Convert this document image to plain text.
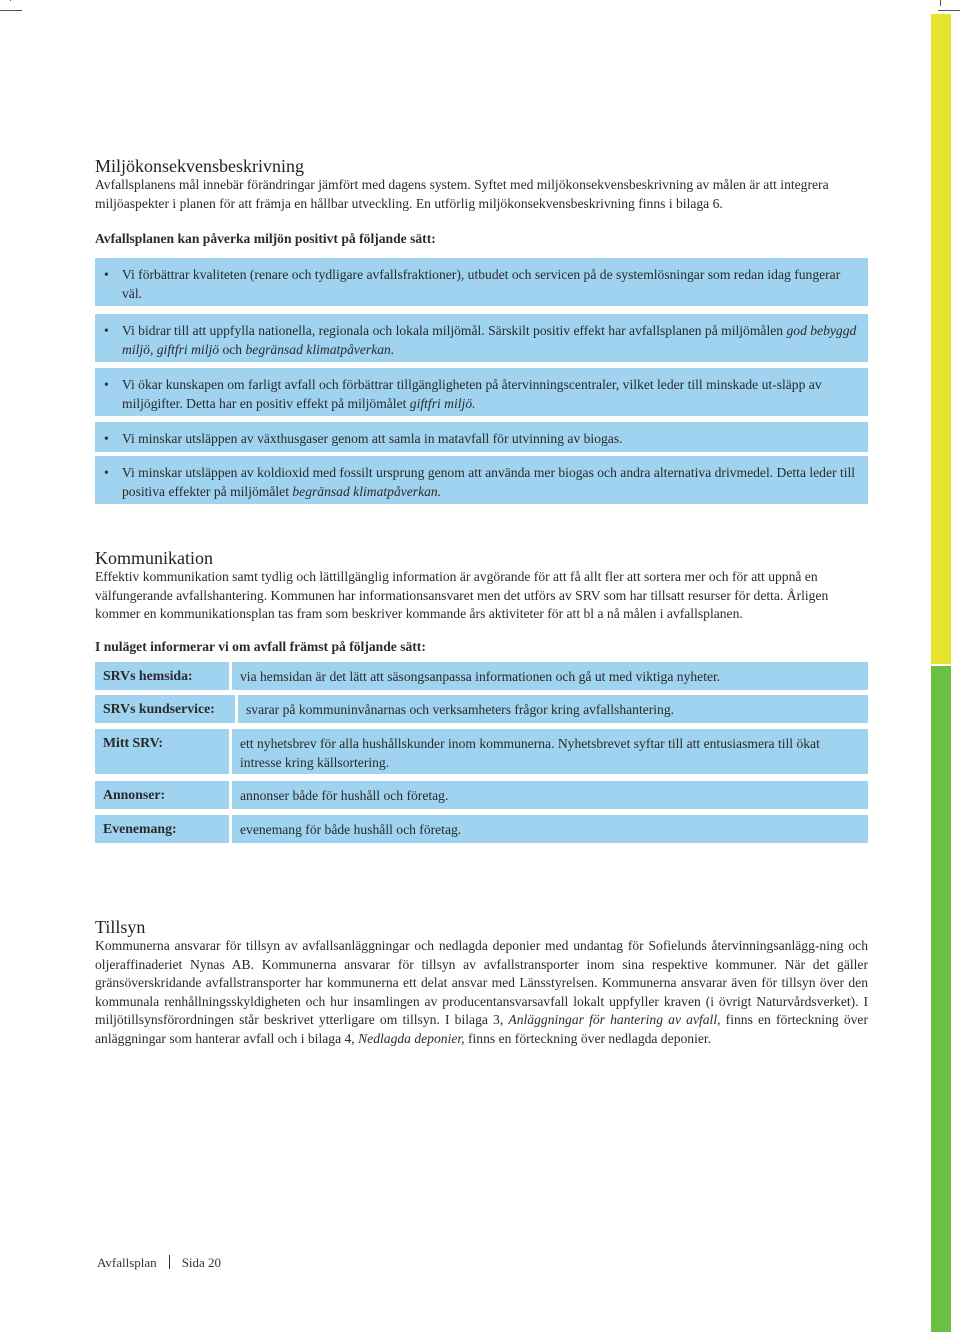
Miljökonsekvensbeskrivning

Avfallsplanens mål innebär förändringar jämfört med dagens system. Syftet med miljökonsekvensbeskrivning av målen är att integrera miljöaspekter i planen för att främja en hållbar utveckling. En utförlig miljökonsekvensbeskrivning finns i bilaga 6.

Avfallsplanen kan påverka miljön positivt på följande sätt:

• Vi förbättrar kvaliteten (renare och tydligare avfallsfraktioner), utbudet och servicen på de systemlösningar som redan idag fungerar väl.
• Vi bidrar till att uppfylla nationella, regionala och lokala miljömål. Särskilt positiv effekt har avfallsplanen på miljömålen god bebyggd miljö, giftfri miljö och begränsad klimatpåverkan.
• Vi ökar kunskapen om farligt avfall och förbättrar tillgängligheten på återvinningscentraler, vilket leder till minskade ut-släpp av miljögifter. Detta har en positiv effekt på miljömålet giftfri miljö.
• Vi minskar utsläppen av växthusgaser genom att samla in matavfall för utvinning av biogas.
• Vi minskar utsläppen av koldioxid med fossilt ursprung genom att använda mer biogas och andra alternativa drivmedel. Detta leder till positiva effekter på miljömålet begränsad klimatpåverkan.
Kommunikation

Effektiv kommunikation samt tydlig och lättillgänglig information är avgörande för att få allt fler att sortera mer och för att uppnå en välfungerande avfallshantering. Kommunen har informationsansvaret men det utförs av SRV som har tillsatt resurser för detta. Årligen kommer en kommunikationsplan tas fram som beskriver kommande års aktiviteter för att bl a nå målen i avfallsplanen.

I nuläget informerar vi om avfall främst på följande sätt:

SRVs hemsida:	via hemsidan är det lätt att säsongsanpassa informationen och gå ut med viktiga nyheter.
SRVs kundservice:	svarar på kommuninvånarnas och verksamheters frågor kring avfallshantering.
Mitt SRV:	ett nyhetsbrev för alla hushållskunder inom kommunerna. Nyhetsbrevet syftar till att entusiasmera till ökat intresse kring källsortering.
Annonser:	annonser både för hushåll och företag.
Evenemang:	evenemang för både hushåll och företag.
Tillsyn

Kommunerna ansvarar för tillsyn av avfallsanläggningar och nedlagda deponier med undantag för Sofielunds återvinningsanlägg-ning och oljeraffinaderiet Nynas AB. Kommunerna ansvarar för tillsyn av avfallstransporter inom sina respektive kommuner. När det gäller gränsöverskridande avfallstransporter har kommunerna ett delat ansvar med Länsstyrelsen. Kommunerna ansvarar även för tillsyn över den kommunala renhållningsskyldigheten och hur insamlingen av producentansvarsavfall lokalt uppfyller kraven (i övrigt Naturvårdsverket). I miljötillsynsförordningen står beskrivet ytterligare om tillsyn. I bilaga 3, Anläggningar för hantering av avfall, finns en förteckning över anläggningar som hanterar avfall och i bilaga 4, Nedlagda deponier, finns en förteckning över nedlagda deponier.

Avfallsplan Sida 20
